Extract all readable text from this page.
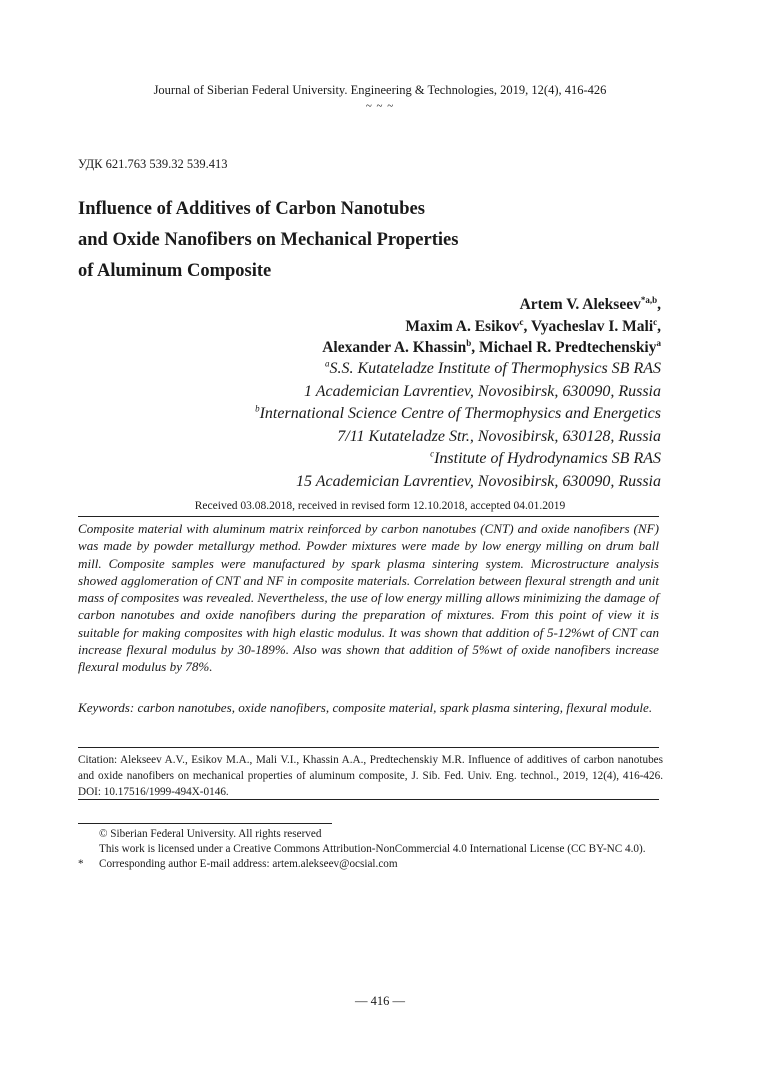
Journal of Siberian Federal University. Engineering & Technologies, 2019, 12(4), 416-426
~ ~ ~
УДК 621.763 539.32 539.413
Influence of Additives of Carbon Nanotubes
and Oxide Nanofibers on Mechanical Properties
of Aluminum Composite
Artem V. Alekseev$^{*a,b}$,
Maxim A. Esikov$^c$, Vyacheslav I. Mali$^c$,
Alexander A. Khassin$^b$, Michael R. Predtechenskiy$^a$
$^a$S.S. Kutateladze Institute of Thermophysics SB RAS
1 Academician Lavrentiev, Novosibirsk, 630090, Russia
$^b$International Science Centre of Thermophysics and Energetics
7/11 Kutateladze Str., Novosibirsk, 630128, Russia
$^c$Institute of Hydrodynamics SB RAS
15 Academician Lavrentiev, Novosibirsk, 630090, Russia
Received 03.08.2018, received in revised form 12.10.2018, accepted 04.01.2019
Composite material with aluminum matrix reinforced by carbon nanotubes (CNT) and oxide nanofibers (NF) was made by powder metallurgy method. Powder mixtures were made by low energy milling on drum ball mill. Composite samples were manufactured by spark plasma sintering system. Microstructure analysis showed agglomeration of CNT and NF in composite materials. Correlation between flexural strength and unit mass of composites was revealed. Nevertheless, the use of low energy milling allows minimizing the damage of carbon nanotubes and oxide nanofibers during the preparation of mixtures. From this point of view it is suitable for making composites with high elastic modulus. It was shown that addition of 5-12%wt of CNT can increase flexural modulus by 30-189%. Also was shown that addition of 5%wt of oxide nanofibers increase flexural modulus by 78%.
Keywords: carbon nanotubes, oxide nanofibers, composite material, spark plasma sintering, flexural module.
Citation: Alekseev A.V., Esikov M.A., Mali V.I., Khassin A.A., Predtechenskiy M.R. Influence of additives of carbon nanotubes and oxide nanofibers on mechanical properties of aluminum composite, J. Sib. Fed. Univ. Eng. technol., 2019, 12(4), 416-426. DOI: 10.17516/1999-494X-0146.
© Siberian Federal University. All rights reserved
This work is licensed under a Creative Commons Attribution-NonCommercial 4.0 International License (CC BY-NC 4.0).
* Corresponding author E-mail address: artem.alekseev@ocsial.com
— 416 —
